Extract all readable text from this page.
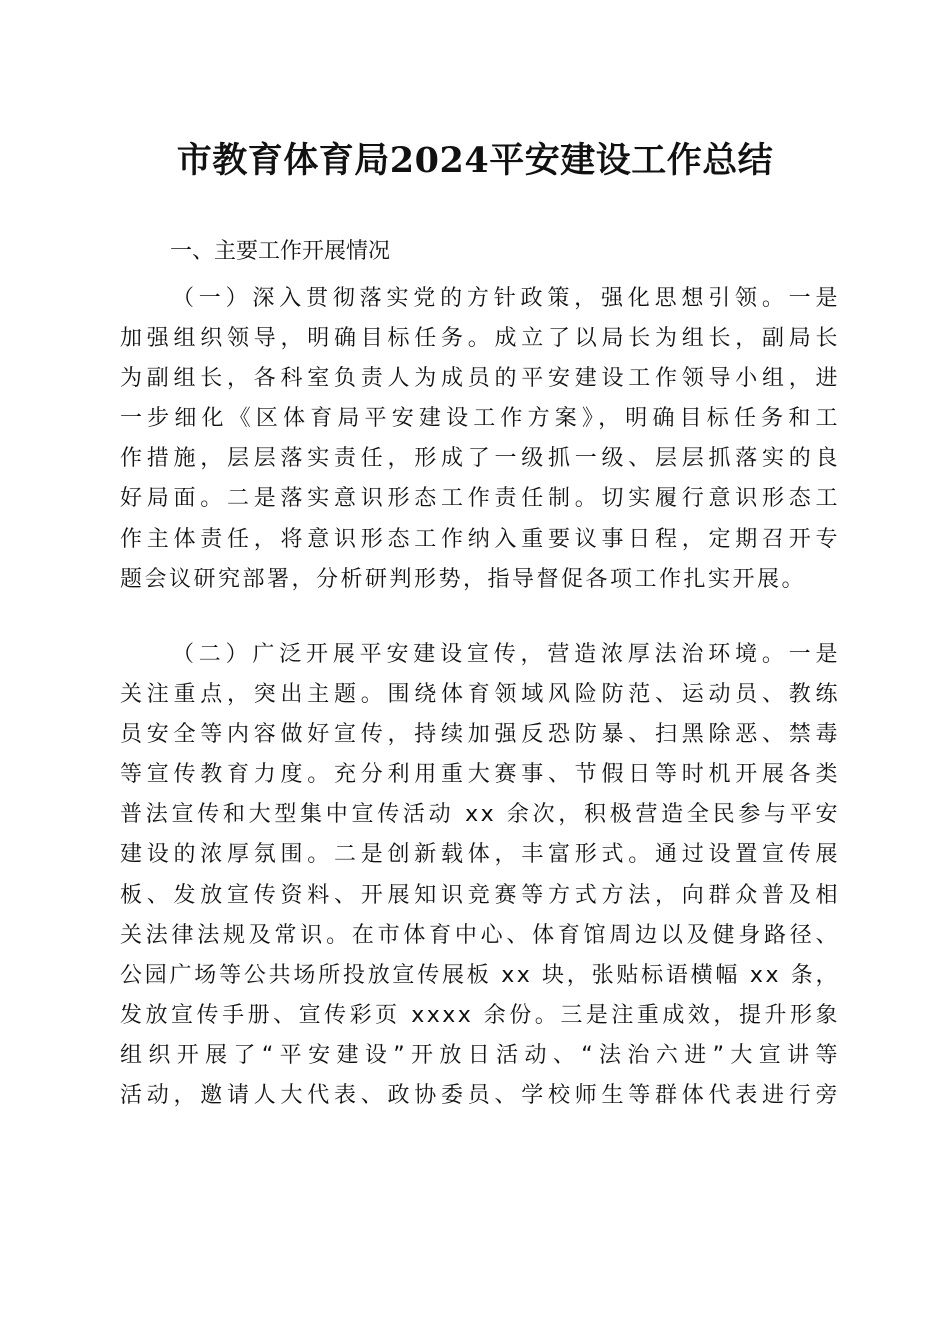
市教育体育局2024平安建设工作总结
一、主要工作开展情况
（一）深入贯彻落实党的方针政策，强化思想引领。一是
加强组织领导，明确目标任务。成立了以局长为组长，副局长
为副组长，各科室负责人为成员的平安建设工作领导小组，进
一步细化《区体育局平安建设工作方案》，明确目标任务和工
作措施，层层落实责任，形成了一级抓一级、层层抓落实的良
好局面。二是落实意识形态工作责任制。切实履行意识形态工
作主体责任，将意识形态工作纳入重要议事日程，定期召开专
题会议研究部署，分析研判形势，指导督促各项工作扎实开展。
（二）广泛开展平安建设宣传，营造浓厚法治环境。一是
关注重点，突出主题。围绕体育领域风险防范、运动员、教练
员安全等内容做好宣传，持续加强反恐防暴、扫黑除恶、禁毒
等宣传教育力度。充分利用重大赛事、节假日等时机开展各类
普法宣传和大型集中宣传活动 xx 余次，积极营造全民参与平安
建设的浓厚氛围。二是创新载体，丰富形式。通过设置宣传展
板、发放宣传资料、开展知识竞赛等方式方法，向群众普及相
关法律法规及常识。在市体育中心、体育馆周边以及健身路径、
公园广场等公共场所投放宣传展板 xx 块，张贴标语横幅 xx 条，
发放宣传手册、宣传彩页 xxxx 余份。三是注重成效，提升形象
组织开展了“平安建设”开放日活动、“法治六进”大宣讲等
活动，邀请人大代表、政协委员、学校师生等群体代表进行旁
